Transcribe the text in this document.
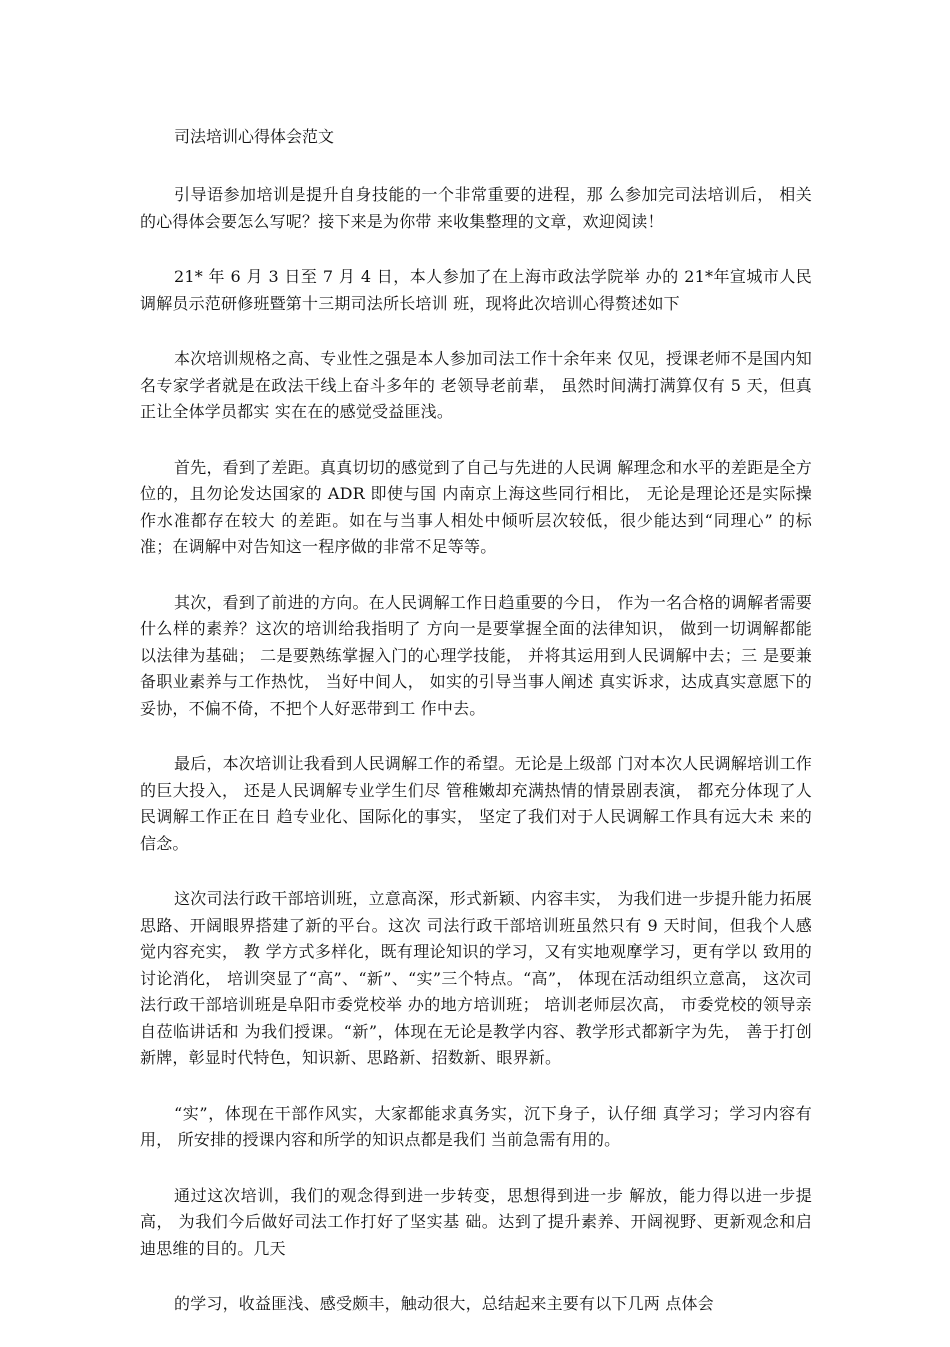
司法培训心得体会范文

引导语参加培训是提升自身技能的一个非常重要的进程，那 么参加完司法培训后， 相关的心得体会要怎么写呢？接下来是为你带 来收集整理的文章，欢迎阅读！

21* 年 6 月 3 日至 7 月 4 日，本人参加了在上海市政法学院举 办的 21*年宣城市人民调解员示范研修班暨第十三期司法所长培训 班，现将此次培训心得赘述如下

本次培训规格之高、专业性之强是本人参加司法工作十余年来 仅见，授课老师不是国内知名专家学者就是在政法干线上奋斗多年的 老领导老前辈， 虽然时间满打满算仅有 5 天，但真正让全体学员都实 实在在的感觉受益匪浅。

首先，看到了差距。真真切切的感觉到了自己与先进的人民调 解理念和水平的差距是全方位的，且勿论发达国家的 ADR 即使与国 内南京上海这些同行相比， 无论是理论还是实际操作水准都存在较大 的差距。如在与当事人相处中倾听层次较低，很少能达到“同理心” 的标准；在调解中对告知这一程序做的非常不足等等。

其次，看到了前进的方向。在人民调解工作日趋重要的今日， 作为一名合格的调解者需要什么样的素养？这次的培训给我指明了 方向一是要掌握全面的法律知识， 做到一切调解都能以法律为基础； 二是要熟练掌握入门的心理学技能， 并将其运用到人民调解中去；三 是要兼备职业素养与工作热忱， 当好中间人， 如实的引导当事人阐述 真实诉求，达成真实意愿下的妥协，不偏不倚，不把个人好恶带到工 作中去。

最后，本次培训让我看到人民调解工作的希望。无论是上级部 门对本次人民调解培训工作的巨大投入， 还是人民调解专业学生们尽 管稚嫩却充满热情的情景剧表演， 都充分体现了人民调解工作正在日 趋专业化、国际化的事实， 坚定了我们对于人民调解工作具有远大未 来的信念。

这次司法行政干部培训班，立意高深，形式新颖、内容丰实， 为我们进一步提升能力拓展思路、开阔眼界搭建了新的平台。这次 司法行政干部培训班虽然只有 9 天时间，但我个人感觉内容充实， 教 学方式多样化，既有理论知识的学习，又有实地观摩学习，更有学以 致用的讨论消化， 培训突显了“高”、“新”、“实”三个特点。“高”， 体现在活动组织立意高， 这次司法行政干部培训班是阜阳市委党校举 办的地方培训班； 培训老师层次高， 市委党校的领导亲自莅临讲话和 为我们授课。“新”，体现在无论是教学内容、教学形式都新字为先， 善于打创新牌，彰显时代特色，知识新、思路新、招数新、眼界新。

“实”，体现在干部作风实，大家都能求真务实，沉下身子，认仔细 真学习；学习内容有用， 所安排的授课内容和所学的知识点都是我们 当前急需有用的。

通过这次培训，我们的观念得到进一步转变，思想得到进一步 解放，能力得以进一步提高， 为我们今后做好司法工作打好了坚实基 础。达到了提升素养、开阔视野、更新观念和启迪思维的目的。几天

的学习，收益匪浅、感受颇丰，触动很大，总结起来主要有以下几两 点体会
